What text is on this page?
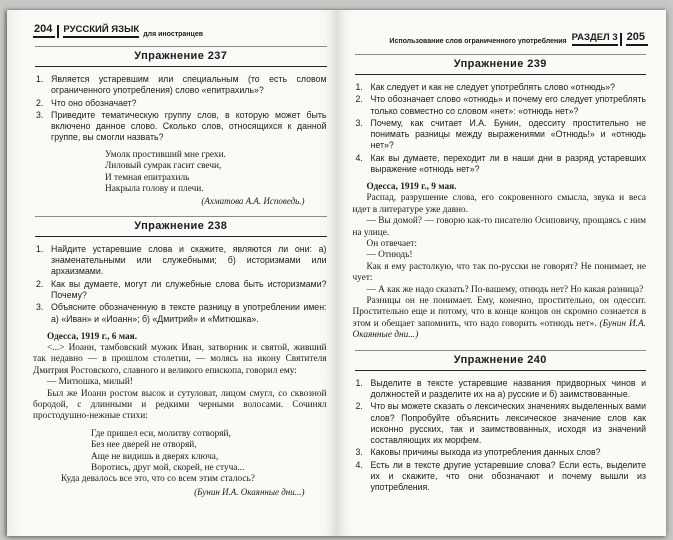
204	РУССКИЙ ЯЗЫК для иностранцев
Упражнение 237
Является устаревшим или специальным (то есть словом ограниченного употребления) слово «епитрахиль»?
Что оно обозначает?
Приведите тематическую группу слов, в которую может быть включено данное слово. Сколько слов, относящихся к данной группе, вы смогли назвать?
Умолк простивший мне грехи.
Лиловый сумрак гасит свечи,
И темная епитрахиль
Накрыла голову и плечи.
(Ахматова А.А. Исповедь.)
Упражнение 238
Найдите устаревшие слова и скажите, являются ли они: а) знаменательными или служебными; б) историзмами или архаизмами.
Как вы думаете, могут ли служебные слова быть историзмами? Почему?
Объясните обозначенную в тексте разницу в употреблении имен: а) «Иван» и «Иоанн»; б) «Дмитрий» и «Митюшка».
Одесса, 1919 г., 6 мая.

<...> Иоанн, тамбовский мужик Иван, затворник и святой, живший так недавно — в прошлом столетии, — молясь на икону Святителя Дмитрия Ростовского, славного и великого епископа, говорил ему:

— Митюшка, милый!

Был же Иоанн ростом высок и сутуловат, лицом смугл, со сквозной бородой, с длинными и редкими черными волосами. Сочинял простодушно-нежные стихи:

Где пришел еси, молитву сотворяй,
Без нее дверей не отворяй,
Аще не видишь в дверях ключа,
Воротись, друг мой, скорей, не стуча...
Куда девалось все это, что со всем этим сталось?
(Бунин И.А. Окаянные дни...)
Использование слов ограниченного употребления РАЗДЕЛ 3 205
Упражнение 239
Как следует и как не следует употреблять слово «отнюдь»?
Что обозначает слово «отнюдь» и почему его следует употреблять только совместно со словом «нет»: «отнюдь нет»?
Почему, как считает И.А. Бунин, одесситу простительно не понимать разницы между выражениями «Отнюдь!» и «отнюдь нет»?
Как вы думаете, переходит ли в наши дни в разряд устаревших выражение «отнюдь нет»?
Одесса, 1919 г., 9 мая.

Распад, разрушение слова, его сокровенного смысла, звука и веса идет в литературе уже давно.

— Вы домой? — говорю как-то писателю Осиповичу, прощаясь с ним на улице.

Он отвечает:

— Отнюдь!

Как я ему растолкую, что так по-русски не говорят? Не понимает, не чует:

— А как же надо сказать? По-вашему, отнюдь нет? Но какая разница?

Разницы он не понимает. Ему, конечно, простительно, он одессит. Простительно еще и потому, что в конце концов он скромно сознается в этом и обещает запомнить, что надо говорить «отнюдь нет». (Бунин И.А. Окаянные дни...)

Упражнение 240
Выделите в тексте устаревшие названия придворных чинов и должностей и разделите их на а) русские и б) заимствованные.
Что вы можете сказать о лексических значениях выделенных вами слов? Попробуйте объяснить лексическое значение слов как исконно русских, так и заимствованных, исходя из значений составляющих их морфем.
Каковы причины выхода из употребления данных слов?
Есть ли в тексте другие устаревшие слова? Если есть, выделите их и скажите, что они обозначают и почему вышли из употребления.
